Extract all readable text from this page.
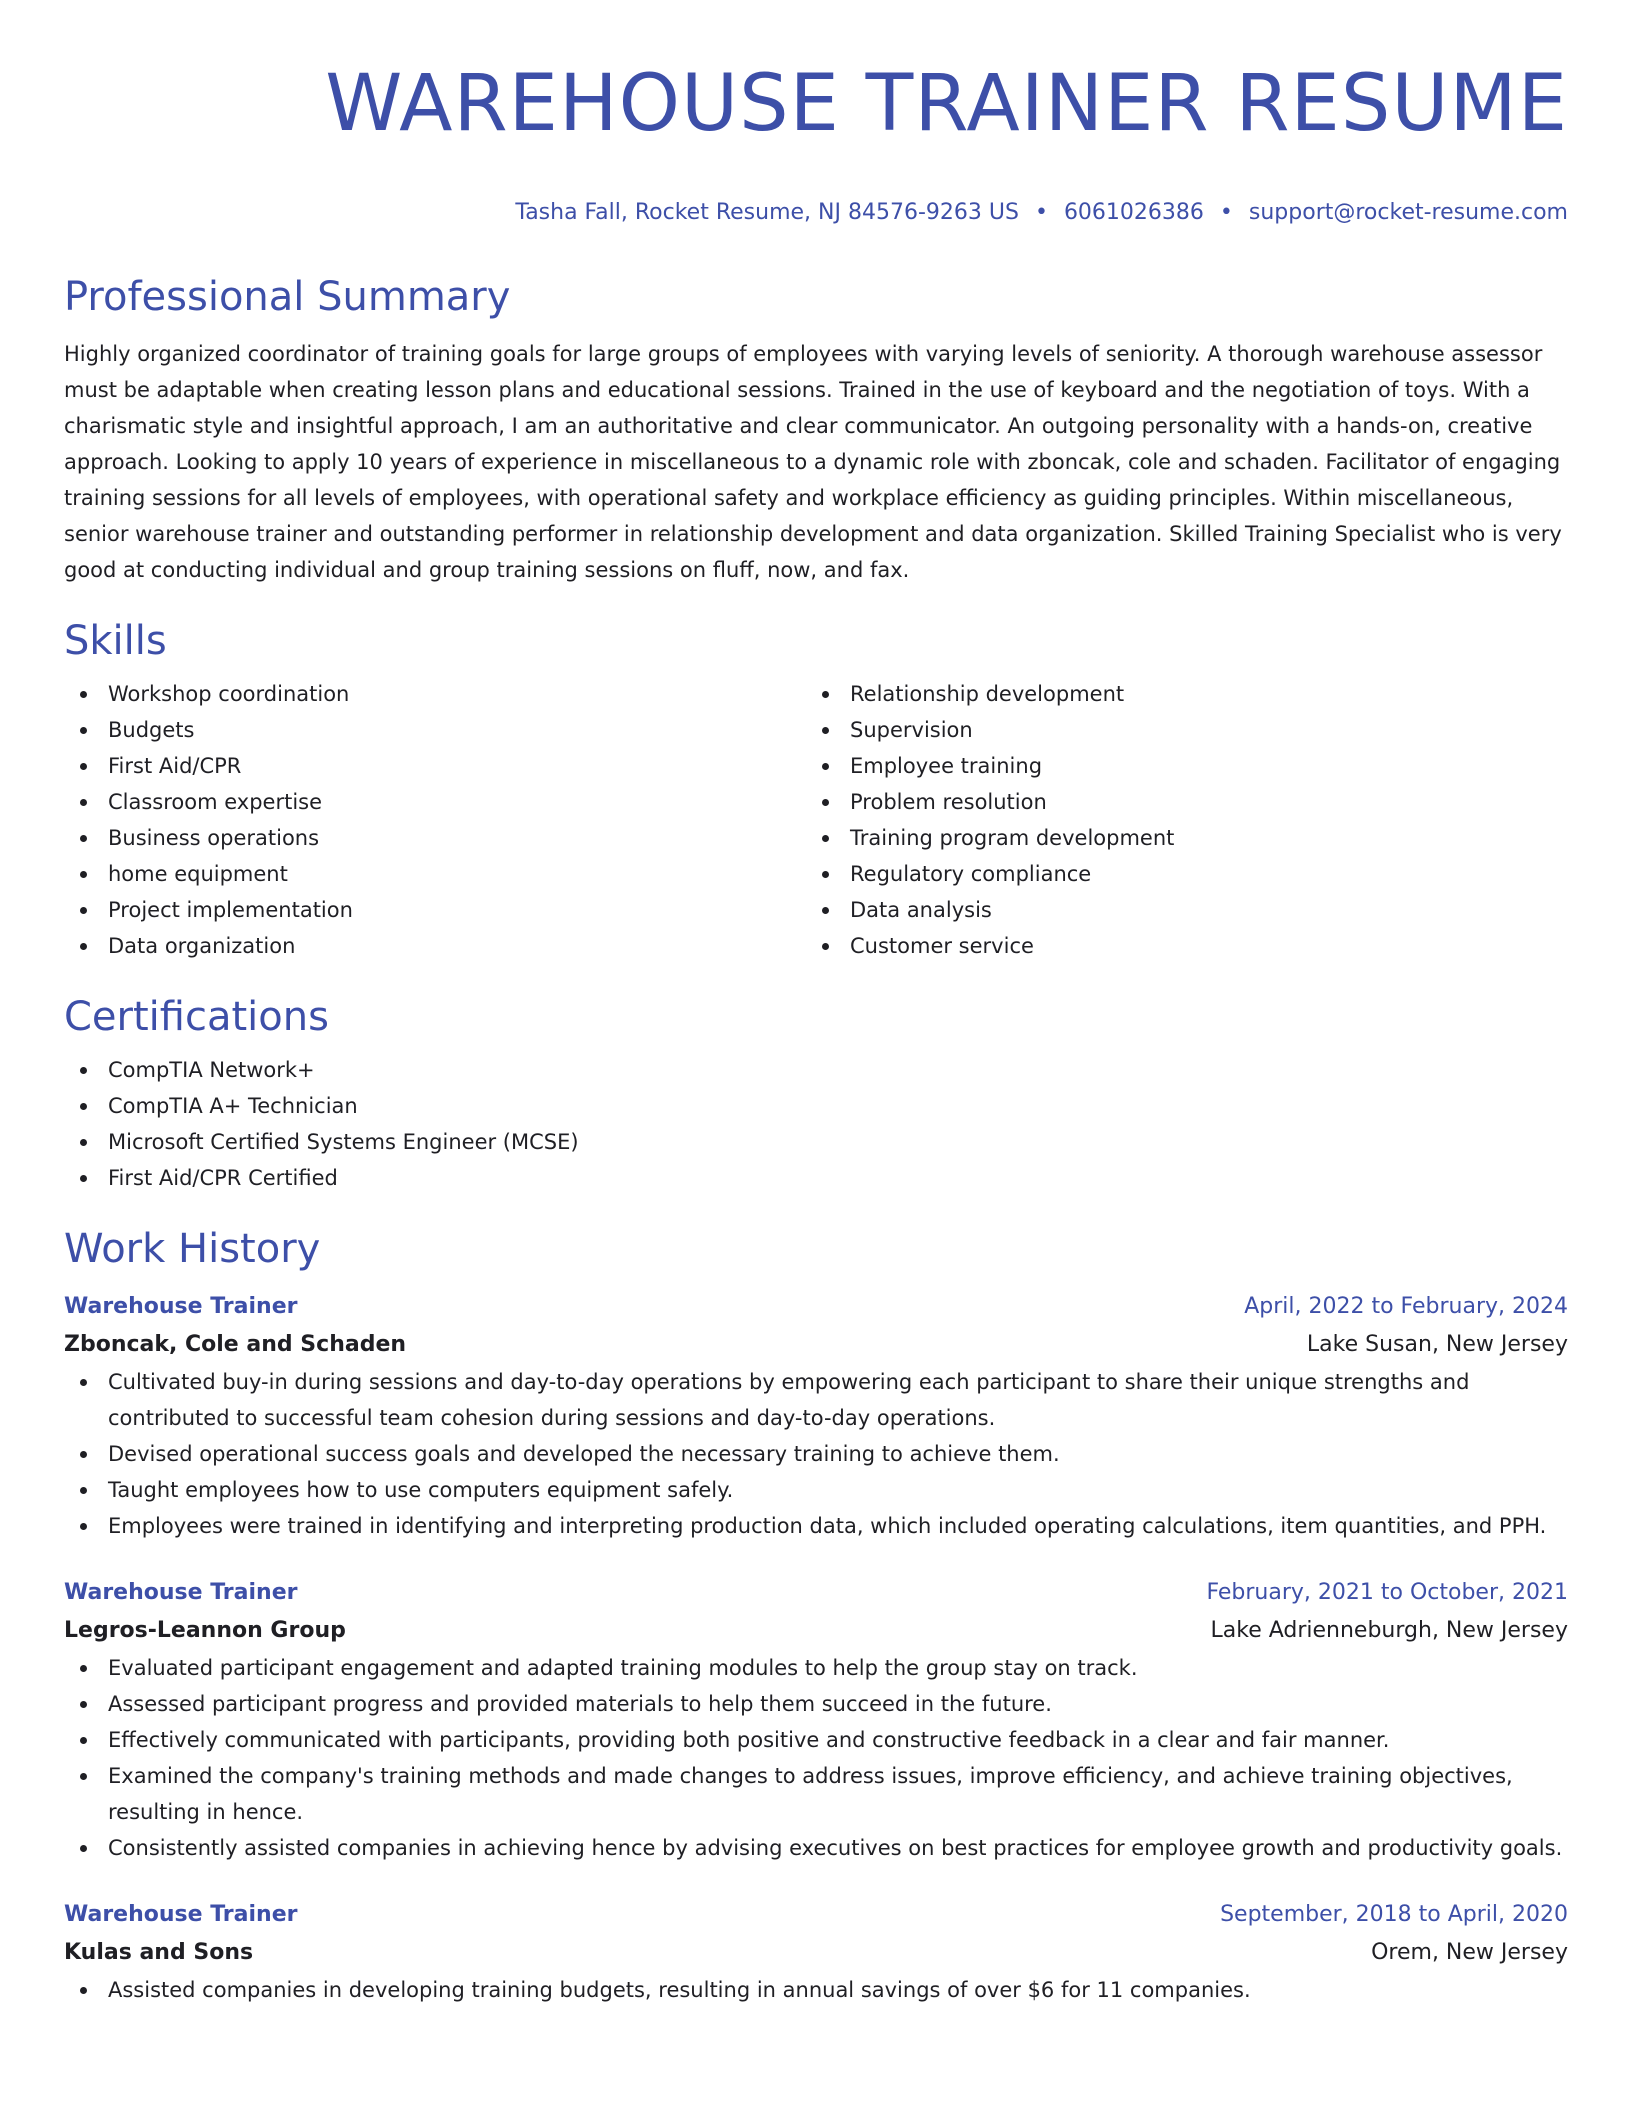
WAREHOUSE TRAINER RESUME
Tasha Fall, Rocket Resume, NJ 84576-9263 US • 6061026386 • support@rocket-resume.com
Professional Summary

Highly organized coordinator of training goals for large groups of employees with varying levels of seniority. A thorough warehouse assessor must be adaptable when creating lesson plans and educational sessions. Trained in the use of keyboard and the negotiation of toys. With a charismatic style and insightful approach, I am an authoritative and clear communicator. An outgoing personality with a hands-on, creative approach. Looking to apply 10 years of experience in miscellaneous to a dynamic role with zboncak, cole and schaden. Facilitator of engaging training sessions for all levels of employees, with operational safety and workplace efficiency as guiding principles. Within miscellaneous, senior warehouse trainer and outstanding performer in relationship development and data organization. Skilled Training Specialist who is very good at conducting individual and group training sessions on fluff, now, and fax.

Skills
Workshop coordination
Budgets
First Aid/CPR
Classroom expertise
Business operations
home equipment
Project implementation
Data organization
Relationship development
Supervision
Employee training
Problem resolution
Training program development
Regulatory compliance
Data analysis
Customer service
Certifications
CompTIA Network+
CompTIA A+ Technician
Microsoft Certified Systems Engineer (MCSE)
First Aid/CPR Certified
Work History
Warehouse Trainer	April, 2022 to February, 2024
Zboncak, Cole and Schaden	Lake Susan, New Jersey
Cultivated buy-in during sessions and day-to-day operations by empowering each participant to share their unique strengths and contributed to successful team cohesion during sessions and day-to-day operations.
Devised operational success goals and developed the necessary training to achieve them.
Taught employees how to use computers equipment safely.
Employees were trained in identifying and interpreting production data, which included operating calculations, item quantities, and PPH.
Warehouse Trainer	February, 2021 to October, 2021
Legros-Leannon Group	Lake Adrienneburgh, New Jersey
Evaluated participant engagement and adapted training modules to help the group stay on track.
Assessed participant progress and provided materials to help them succeed in the future.
Effectively communicated with participants, providing both positive and constructive feedback in a clear and fair manner.
Examined the company's training methods and made changes to address issues, improve efficiency, and achieve training objectives, resulting in hence.
Consistently assisted companies in achieving hence by advising executives on best practices for employee growth and productivity goals.
Warehouse Trainer	September, 2018 to April, 2020
Kulas and Sons	Orem, New Jersey
Assisted companies in developing training budgets, resulting in annual savings of over $6 for 11 companies.
